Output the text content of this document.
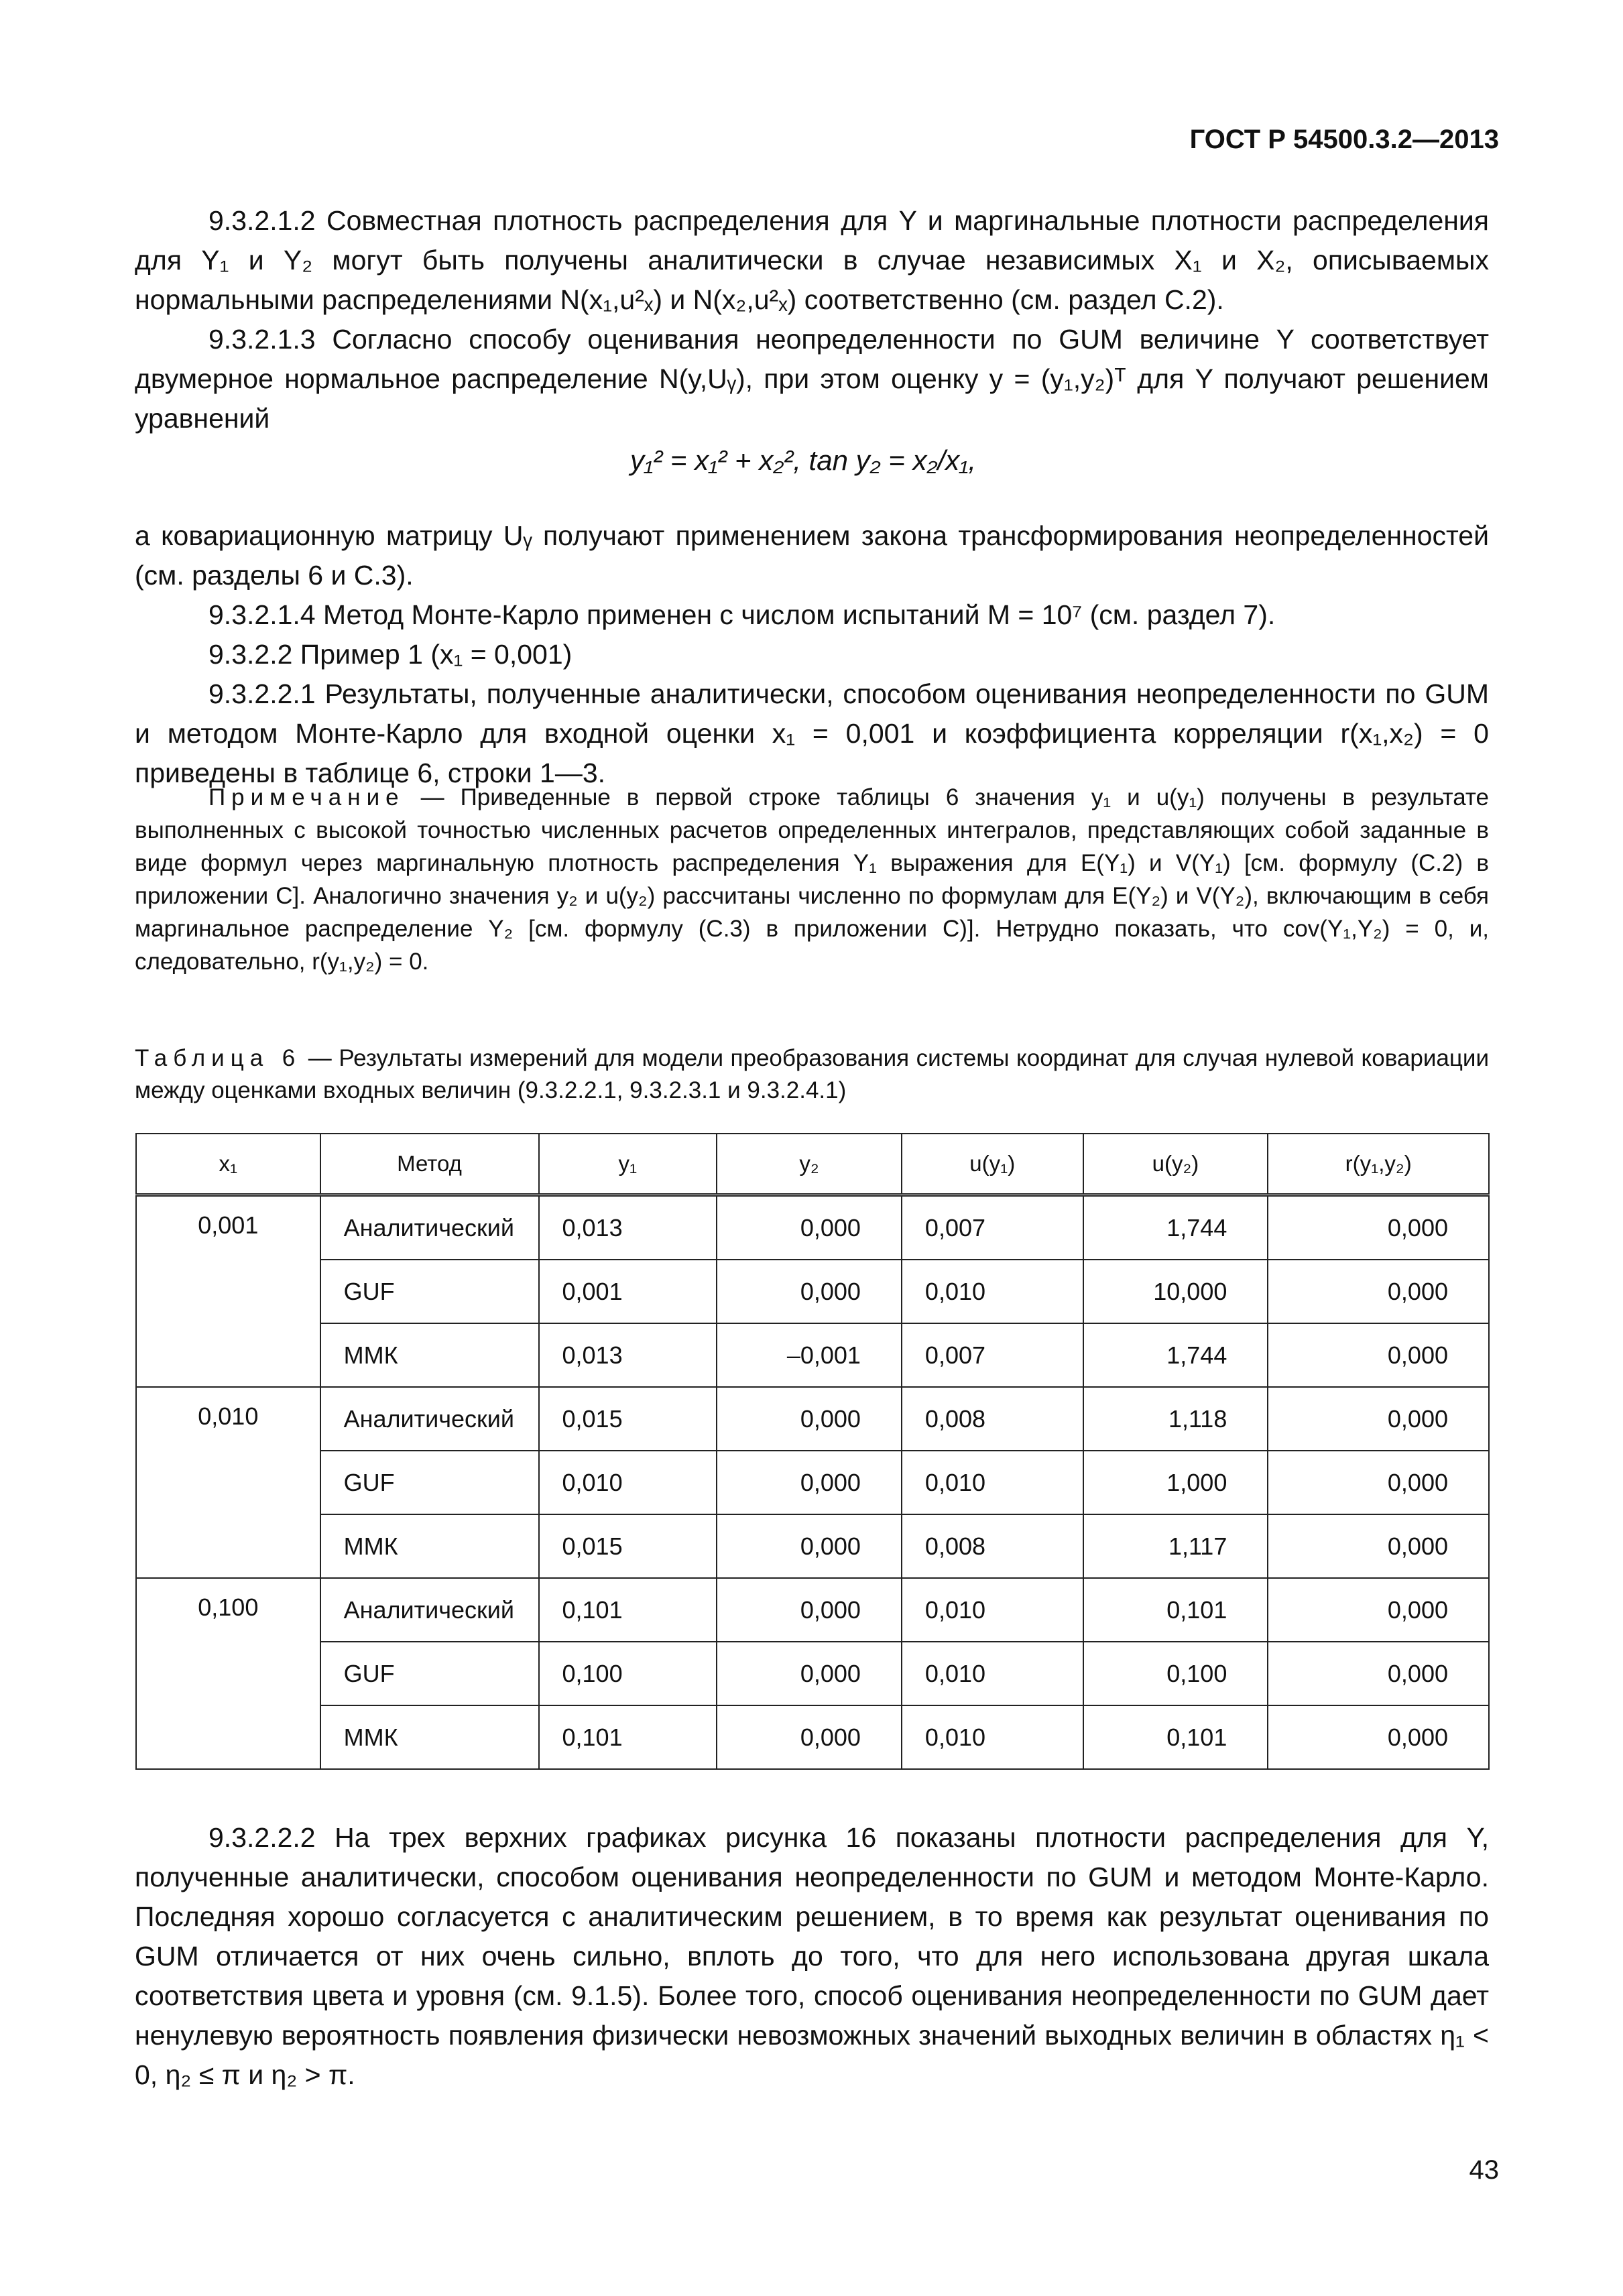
ГОСТ Р 54500.3.2—2013

9.3.2.1.2 Совместная плотность распределения для Y и маргинальные плотности распределения для Y₁ и Y₂ могут быть получены аналитически в случае независимых X₁ и X₂, описываемых нормальными распределениями N(x₁,u²ₓ) и N(x₂,u²ₓ) соответственно (см. раздел С.2).

9.3.2.1.3 Согласно способу оценивания неопределенности по GUM величине Y соответствует двумерное нормальное распределение N(y,Uᵧ), при этом оценку y = (y₁,y₂)ᵀ для Y получают решением уравнений

y₁² = x₁² + x₂², tan y₂ = x₂/x₁,

а ковариационную матрицу Uᵧ получают применением закона трансформирования неопределенностей (см. разделы 6 и С.3).

9.3.2.1.4 Метод Монте-Карло применен с числом испытаний M = 10⁷ (см. раздел 7).

9.3.2.2 Пример 1 (x₁ = 0,001)

9.3.2.2.1 Результаты, полученные аналитически, способом оценивания неопределенности по GUM и методом Монте-Карло для входной оценки x₁ = 0,001 и коэффициента корреляции r(x₁,x₂) = 0 приведены в таблице 6, строки 1—3.

Примечание — Приведенные в первой строке таблицы 6 значения y₁ и u(y₁) получены в результате выполненных с высокой точностью численных расчетов определенных интегралов, представляющих собой заданные в виде формул через маргинальную плотность распределения Y₁ выражения для E(Y₁) и V(Y₁) [см. формулу (С.2) в приложении С]. Аналогично значения y₂ и u(y₂) рассчитаны численно по формулам для E(Y₂) и V(Y₂), включающим в себя маргинальное распределение Y₂ [см. формулу (С.3) в приложении С)]. Нетрудно показать, что cov(Y₁,Y₂) = 0, и, следовательно, r(y₁,y₂) = 0.
Таблица 6 — Результаты измерений для модели преобразования системы координат для случая нулевой ковариации между оценками входных величин (9.3.2.2.1, 9.3.2.3.1 и 9.3.2.4.1)
x₁	Метод	y₁	y₂	u(y₁)	u(y₂)	r(y₁,y₂)
0,001	Аналитический	0,013	0,000	0,007	1,744	0,000
	GUF	0,001	0,000	0,010	10,000	0,000
	ММК	0,013	–0,001	0,007	1,744	0,000
0,010	Аналитический	0,015	0,000	0,008	1,118	0,000
	GUF	0,010	0,000	0,010	1,000	0,000
	ММК	0,015	0,000	0,008	1,117	0,000
0,100	Аналитический	0,101	0,000	0,010	0,101	0,000
	GUF	0,100	0,000	0,010	0,100	0,000
	ММК	0,101	0,000	0,010	0,101	0,000

9.3.2.2.2 На трех верхних графиках рисунка 16 показаны плотности распределения для Y, полученные аналитически, способом оценивания неопределенности по GUM и методом Монте-Карло. Последняя хорошо согласуется с аналитическим решением, в то время как результат оценивания по GUM отличается от них очень сильно, вплоть до того, что для него использована другая шкала соответствия цвета и уровня (см. 9.1.5). Более того, способ оценивания неопределенности по GUM дает ненулевую вероятность появления физически невозможных значений выходных величин в областях η₁ < 0, η₂ ≤ π и η₂ > π.

43
